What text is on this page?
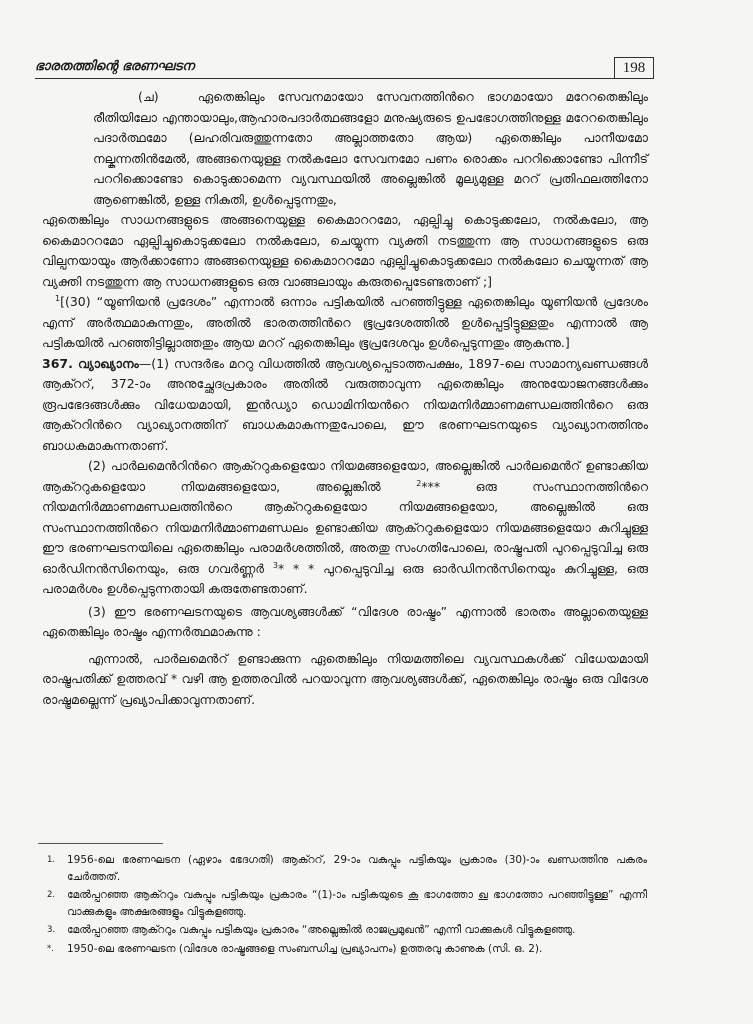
ഭാരതത്തിന്റെ ഭരണഘടന	198

(ച)	ഏതെങ്കിലും സേവനമായോ സേവനത്തിൻറെ ഭാഗമായോ മറേറതെങ്കിലും രീതിയിലോ എന്തായാലും,ആഹാരപദാർത്ഥങ്ങളോ മനുഷ്യരുടെ ഉപഭോഗത്തിനുള്ള മറേറതെങ്കിലും പദാർത്ഥമോ (ലഹരിവരുത്തുന്നതോ അല്ലാത്തതോ ആയ) ഏതെങ്കിലും പാനീയമോ നല്കുന്നതിൻമേൽ, അങ്ങനെയുള്ള നൽകലോ സേവനമോ പണം രൊക്കം പററിക്കൊണ്ടോ പിന്നീട് പററിക്കൊണ്ടോ കൊടുക്കാമെന്ന വ്യവസ്ഥയിൽ അല്ലെങ്കിൽ മൂല്യമുള്ള മററ് പ്രതിഫലത്തിനോ ആണെങ്കിൽ, ഉള്ള നികുതി, ഉൾപ്പെടുന്നതും,

ഏതെങ്കിലും സാധനങ്ങളുടെ അങ്ങനെയുള്ള കൈമാററമോ, ഏല്പിച്ചു കൊടുക്കലോ, നൽകലോ, ആ കൈമാററമോ ഏല്പിച്ചുകൊടുക്കലോ നൽകലോ, ചെയ്യുന്ന വ്യക്തി നടത്തുന്ന ആ സാധനങ്ങളുടെ ഒരു വില്പനയായും ആർക്കാണോ അങ്ങനെയുള്ള കൈമാററമോ ഏല്പിച്ചുകൊടുക്കലോ നൽകലോ ചെയ്യുന്നത് ആ വ്യക്തി നടത്തുന്ന ആ സാധനങ്ങളുടെ ഒരു വാങ്ങലായും കരുതപ്പെടേണ്ടതാണ് ;]

$^1$[(30) “യൂണിയൻ പ്രദേശം” എന്നാൽ ഒന്നാം പട്ടികയിൽ പറഞ്ഞിട്ടുള്ള ഏതെങ്കിലും യൂണിയൻ പ്രദേശം എന്ന് അർത്ഥമാകുന്നതും, അതിൽ ഭാരതത്തിൻറെ ഭൂപ്രദേശത്തിൽ ഉൾപ്പെട്ടിട്ടുള്ളതും എന്നാൽ ആ പട്ടികയിൽ പറഞ്ഞിട്ടില്ലാത്തതും ആയ മററ് ഏതെങ്കിലും ഭൂപ്രദേശവും ഉൾപ്പെടുന്നതും ആകുന്നു.]

367. വ്യാഖ്യാനം—(1) സന്ദർഭം മററു വിധത്തിൽ ആവശ്യപ്പെടാത്തപക്ഷം, 1897-ലെ സാമാന്യഖണ്ഡങ്ങൾ ആക്ററ്, 372-ാം അനുച്ഛേദപ്രകാരം അതിൽ വരുത്താവുന്ന ഏതെങ്കിലും അനുയോജനങ്ങൾക്കും രൂപഭേദങ്ങൾക്കും വിധേയമായി, ഇൻഡ്യാ ഡൊമിനിയൻറെ നിയമനിർമ്മാണമണ്ഡലത്തിൻറെ ഒരു ആക്ററിൻറെ വ്യാഖ്യാനത്തിന് ബാധകമാകുന്നതുപോലെ, ഈ ഭരണഘടനയുടെ വ്യാഖ്യാനത്തിനും ബാധകമാകുന്നതാണ്.

(2) പാർലമെൻറിൻറെ ആക്ററുകളെയോ നിയമങ്ങളെയോ, അല്ലെങ്കിൽ പാർലമെൻറ് ഉണ്ടാക്കിയ ആക്ററുകളെയോ നിയമങ്ങളെയോ, അല്ലെങ്കിൽ $^2$*** ഒരു സംസ്ഥാനത്തിൻറെ നിയമനിർമ്മാണമണ്ഡലത്തിൻറെ ആക്ററുകളെയോ നിയമങ്ങളെയോ, അല്ലെങ്കിൽ ഒരു സംസ്ഥാനത്തിൻറെ നിയമനിർമ്മാണമണ്ഡലം ഉണ്ടാക്കിയ ആക്ററുകളെയോ നിയമങ്ങളെയോ കുറിച്ചുള്ള ഈ ഭരണഘടനയിലെ ഏതെങ്കിലും പരാമർശത്തിൽ, അതതു സംഗതിപോലെ, രാഷ്ട്രപതി പുറപ്പെടുവിച്ച ഒരു ഓർഡിനൻസിനെയും, ഒരു ഗവർണ്ണർ $^3$* * * പുറപ്പെടുവിച്ച ഒരു ഓർഡിനൻസിനെയും കുറിച്ചുള്ള, ഒരു പരാമർശം ഉൾപ്പെടുന്നതായി കരുതേണ്ടതാണ്.

(3) ഈ ഭരണഘടനയുടെ ആവശ്യങ്ങൾക്ക് “വിദേശ രാഷ്ട്രം” എന്നാൽ ഭാരതം അല്ലാതെയുള്ള ഏതെങ്കിലും രാഷ്ട്രം എന്നർത്ഥമാകുന്നു :

എന്നാൽ, പാർലമെൻറ് ഉണ്ടാക്കുന്ന ഏതെങ്കിലും നിയമത്തിലെ വ്യവസ്ഥകൾക്ക് വിധേയമായി രാഷ്ട്രപതിക്ക് ഉത്തരവ് * വഴി ആ ഉത്തരവിൽ പറയാവുന്ന ആവശ്യങ്ങൾക്ക്, ഏതെങ്കിലും രാഷ്ട്രം ഒരു വിദേശ രാഷ്ട്രമല്ലെന്ന് പ്രഖ്യാപിക്കാവുന്നതാണ്.

1.	1956-ലെ ഭരണഘടന (ഏഴാം ഭേദഗതി) ആക്ററ്, 29-ാം വകുപ്പും പട്ടികയും പ്രകാരം (30)-ാം ഖണ്ഡത്തിനു പകരം ചേർത്തത്.
2.	മേൽപ്പറഞ്ഞ ആക്ററും വകുപ്പും പട്ടികയും പ്രകാരം “(1)-ാം പട്ടികയുടെ ക ഭാഗത്തോ ഖ ഭാഗത്തോ പറഞ്ഞിട്ടുള്ള” എന്നീ വാക്കുകളും അക്ഷരങ്ങളും വിട്ടുകളഞ്ഞു.
3.	മേൽപ്പറഞ്ഞ ആക്ററും വകുപ്പും പട്ടികയും പ്രകാരം “അല്ലെങ്കിൽ രാജപ്രമുഖൻ” എന്നീ വാക്കുകൾ വിട്ടുകളഞ്ഞു.
*.	1950-ലെ ഭരണഘടന (വിദേശ രാഷ്ട്രങ്ങളെ സംബന്ധിച്ച പ്രഖ്യാപനം) ഉത്തരവു കാണുക (സി. ഒ. 2).
